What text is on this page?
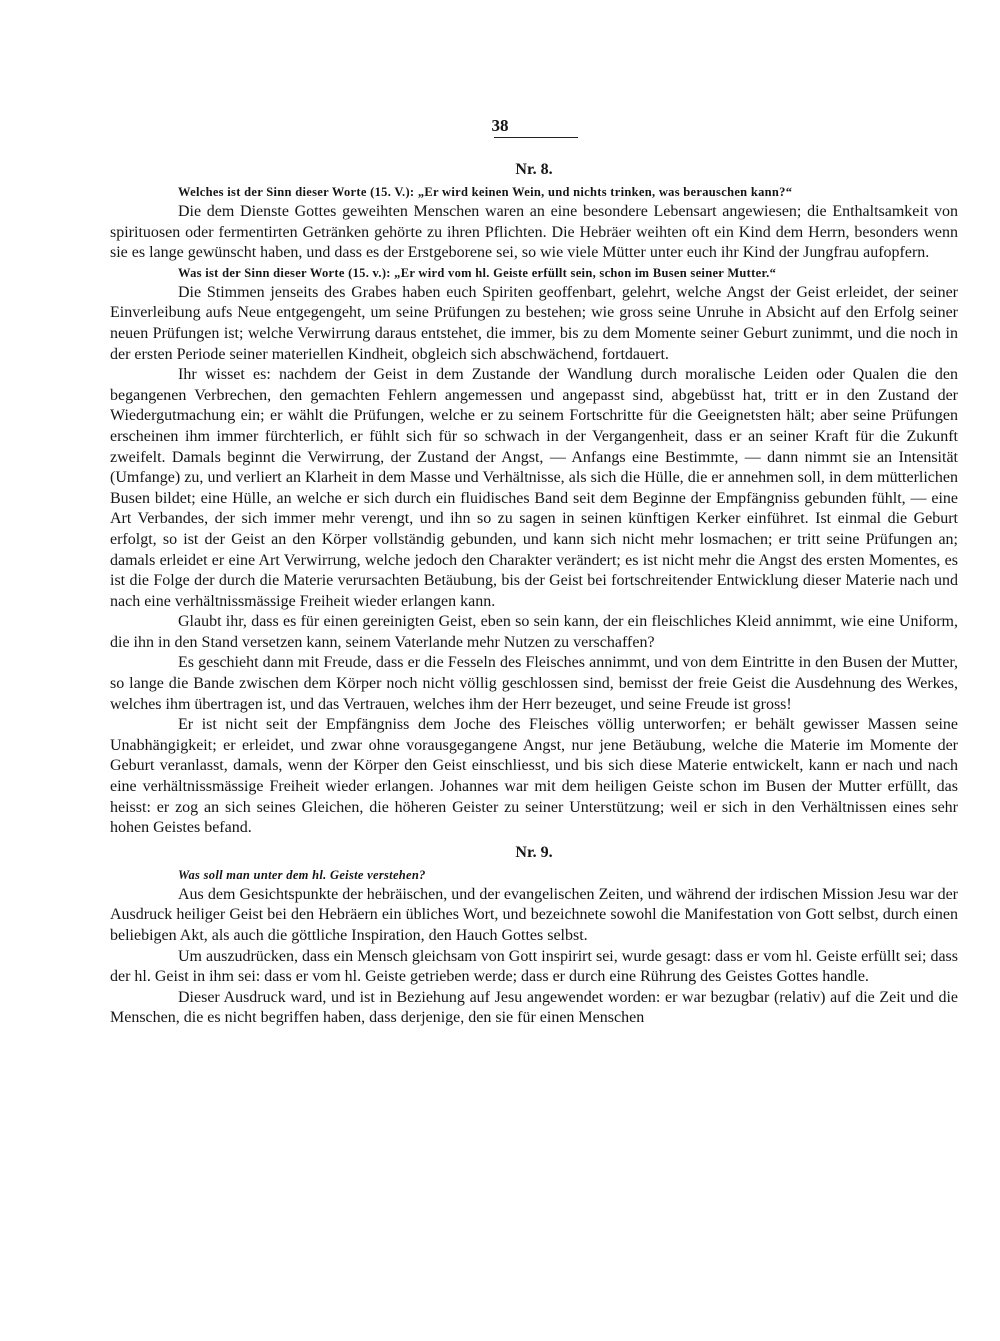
38

Nr. 8.

Welches ist der Sinn dieser Worte (15. V.): „Er wird keinen Wein, und nichts trinken, was berauschen kann?“

Die dem Dienste Gottes geweihten Menschen waren an eine besondere Lebensart angewiesen; die Enthaltsamkeit von spirituosen oder fermentirten Getränken gehörte zu ihren Pflichten. Die Hebräer weihten oft ein Kind dem Herrn, besonders wenn sie es lange gewünscht haben, und dass es der Erstgeborene sei, so wie viele Mütter unter euch ihr Kind der Jungfrau aufopfern.

Was ist der Sinn dieser Worte (15. v.): „Er wird vom hl. Geiste erfüllt sein, schon im Busen seiner Mutter.“

Die Stimmen jenseits des Grabes haben euch Spiriten geoffenbart, gelehrt, welche Angst der Geist erleidet, der seiner Einverleibung aufs Neue entgegengeht, um seine Prüfungen zu bestehen; wie gross seine Unruhe in Absicht auf den Erfolg seiner neuen Prüfungen ist; welche Verwirrung daraus entstehet, die immer, bis zu dem Momente seiner Geburt zunimmt, und die noch in der ersten Periode seiner materiellen Kindheit, obgleich sich abschwächend, fortdauert.

Ihr wisset es: nachdem der Geist in dem Zustande der Wandlung durch moralische Leiden oder Qualen die den begangenen Verbrechen, den gemachten Fehlern angemessen und angepasst sind, abgebüsst hat, tritt er in den Zustand der Wiedergutmachung ein; er wählt die Prüfungen, welche er zu seinem Fortschritte für die Geeignetsten hält; aber seine Prüfungen erscheinen ihm immer fürchterlich, er fühlt sich für so schwach in der Vergangenheit, dass er an seiner Kraft für die Zukunft zweifelt. Damals beginnt die Verwirrung, der Zustand der Angst, — Anfangs eine Bestimmte, — dann nimmt sie an Intensität (Umfange) zu, und verliert an Klarheit in dem Masse und Verhältnisse, als sich die Hülle, die er annehmen soll, in dem mütterlichen Busen bildet; eine Hülle, an welche er sich durch ein fluidisches Band seit dem Beginne der Empfängniss gebunden fühlt, — eine Art Verbandes, der sich immer mehr verengt, und ihn so zu sagen in seinen künftigen Kerker einführet. Ist einmal die Geburt erfolgt, so ist der Geist an den Körper vollständig gebunden, und kann sich nicht mehr losmachen; er tritt seine Prüfungen an; damals erleidet er eine Art Verwirrung, welche jedoch den Charakter verändert; es ist nicht mehr die Angst des ersten Momentes, es ist die Folge der durch die Materie verursachten Betäubung, bis der Geist bei fortschreitender Entwicklung dieser Materie nach und nach eine verhältnissmässige Freiheit wieder erlangen kann.

Glaubt ihr, dass es für einen gereinigten Geist, eben so sein kann, der ein fleischliches Kleid annimmt, wie eine Uniform, die ihn in den Stand versetzen kann, seinem Vaterlande mehr Nutzen zu verschaffen?

Es geschieht dann mit Freude, dass er die Fesseln des Fleisches annimmt, und von dem Eintritte in den Busen der Mutter, so lange die Bande zwischen dem Körper noch nicht völlig geschlossen sind, bemisst der freie Geist die Ausdehnung des Werkes, welches ihm übertragen ist, und das Vertrauen, welches ihm der Herr bezeuget, und seine Freude ist gross!

Er ist nicht seit der Empfängniss dem Joche des Fleisches völlig unterworfen; er behält gewisser Massen seine Unabhängigkeit; er erleidet, und zwar ohne vorausgegangene Angst, nur jene Betäubung, welche die Materie im Momente der Geburt veranlasst, damals, wenn der Körper den Geist einschliesst, und bis sich diese Materie entwickelt, kann er nach und nach eine verhältnissmässige Freiheit wieder erlangen. Johannes war mit dem heiligen Geiste schon im Busen der Mutter erfüllt, das heisst: er zog an sich seines Gleichen, die höheren Geister zu seiner Unterstützung; weil er sich in den Verhältnissen eines sehr hohen Geistes befand.

Nr. 9.

Was soll man unter dem hl. Geiste verstehen?

Aus dem Gesichtspunkte der hebräischen, und der evangelischen Zeiten, und während der irdischen Mission Jesu war der Ausdruck heiliger Geist bei den Hebräern ein übliches Wort, und bezeichnete sowohl die Manifestation von Gott selbst, durch einen beliebigen Akt, als auch die göttliche Inspiration, den Hauch Gottes selbst.

Um auszudrücken, dass ein Mensch gleichsam von Gott inspirirt sei, wurde gesagt: dass er vom hl. Geiste erfüllt sei; dass der hl. Geist in ihm sei: dass er vom hl. Geiste getrieben werde; dass er durch eine Rührung des Geistes Gottes handle.

Dieser Ausdruck ward, und ist in Beziehung auf Jesu angewendet worden: er war bezugbar (relativ) auf die Zeit und die Menschen, die es nicht begriffen haben, dass derjenige, den sie für einen Menschen
